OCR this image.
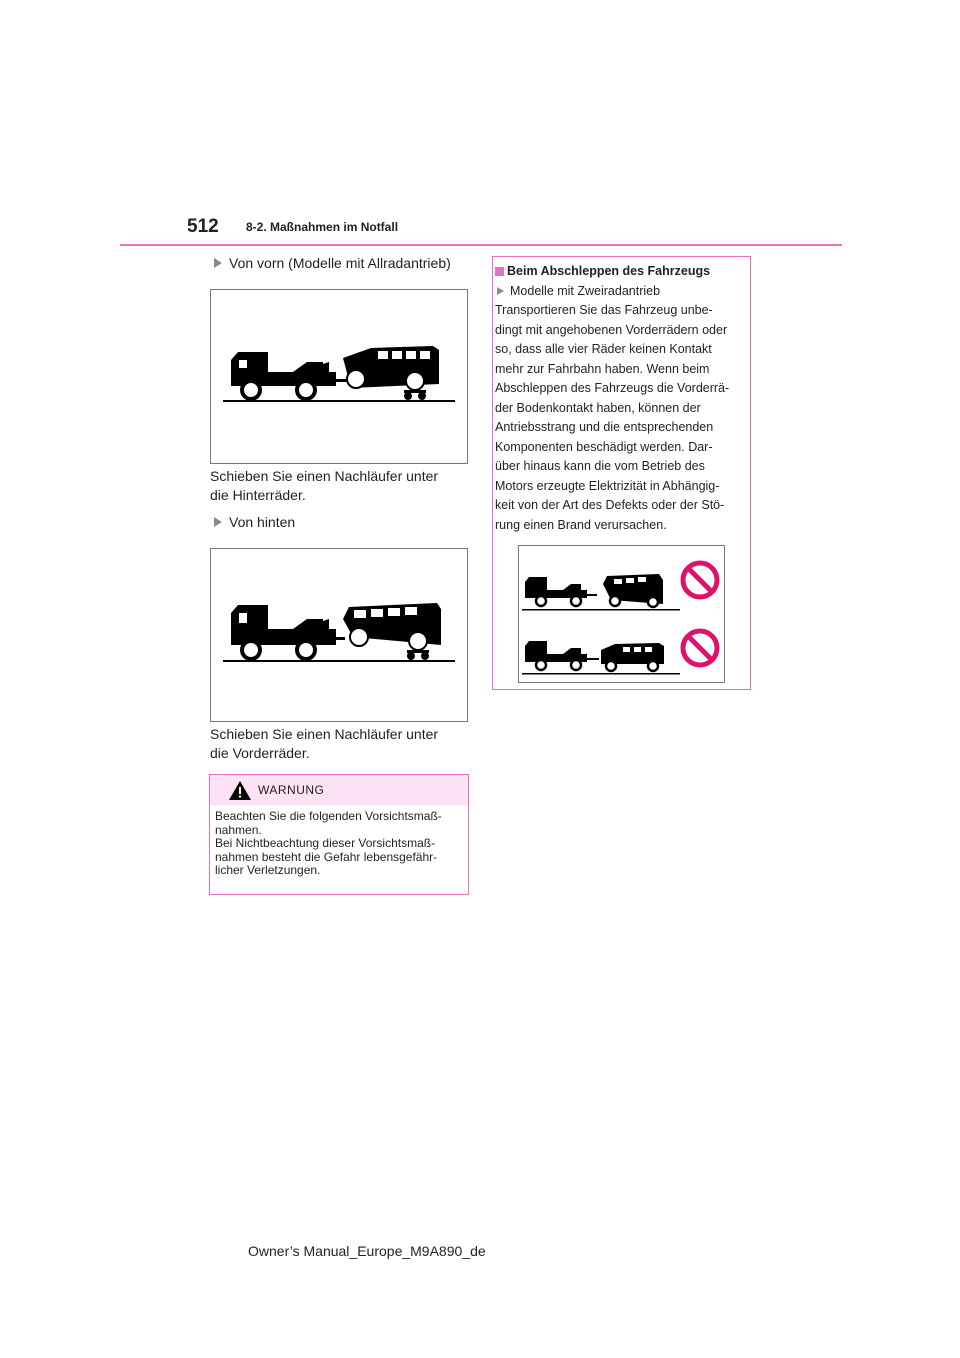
512 8-2. Maßnahmen im Notfall
Von vorn (Modelle mit Allradantrieb)
Schieben Sie einen Nachläufer unter
die Hinterräder.
Von hinten
Schieben Sie einen Nachläufer unter
die Vorderräder.
WARNUNG

Beachten Sie die folgenden Vorsichtsmaß-

nahmen.

Bei Nichtbeachtung dieser Vorsichtsmaß-

nahmen besteht die Gefahr lebensgefähr-

licher Verletzungen.

Beim Abschleppen des Fahrzeugs
Modelle mit Zweiradantrieb
Transportieren Sie das Fahrzeug unbe-
dingt mit angehobenen Vorderrädern oder
so, dass alle vier Räder keinen Kontakt
mehr zur Fahrbahn haben. Wenn beim
Abschleppen des Fahrzeugs die Vorderrä-
der Bodenkontakt haben, können der
Antriebsstrang und die entsprechenden
Komponenten beschädigt werden. Dar-
über hinaus kann die vom Betrieb des
Motors erzeugte Elektrizität in Abhängig-
keit von der Art des Defekts oder der Stö-
rung einen Brand verursachen.
Owner’s Manual_Europe_M9A890_de
